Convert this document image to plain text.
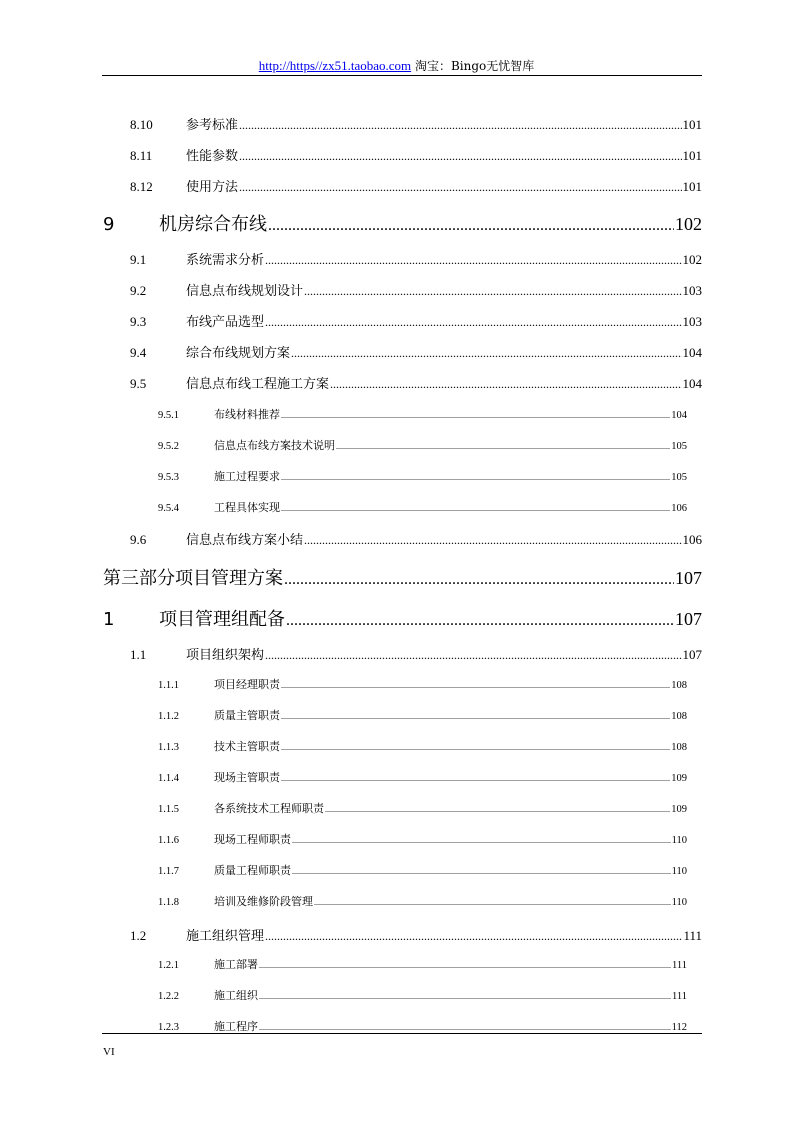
http://https//zx51.taobao.com 淘宝：Bingo无忧智库
8.10	参考标准 .....	101
8.11	性能参数 .....	101
8.12	使用方法 .....	101
9	机房综合布线 .....	102
9.1	系统需求分析 .....	102
9.2	信息点布线规划设计 .....	103
9.3	布线产品选型 .....	103
9.4	综合布线规划方案 .....	104
9.5	信息点布线工程施工方案 .....	104
9.5.1	布线材料推荐 .....	104
9.5.2	信息点布线方案技术说明 .....	105
9.5.3	施工过程要求 .....	105
9.5.4	工程具体实现 .....	106
9.6	信息点布线方案小结 .....	106
第三部分项目管理方案 .....	107
1	项目管理组配备 .....	107
1.1	项目组织架构 .....	107
1.1.1	项目经理职责 .....	108
1.1.2	质量主管职责 .....	108
1.1.3	技术主管职责 .....	108
1.1.4	现场主管职责 .....	109
1.1.5	各系统技术工程师职责 .....	109
1.1.6	现场工程师职责 .....	110
1.1.7	质量工程师职责 .....	110
1.1.8	培训及维修阶段管理 .....	110
1.2	施工组织管理 .....	111
1.2.1	施工部署 .....	111
1.2.2	施工组织 .....	111
1.2.3	施工程序 .....	112
VI
